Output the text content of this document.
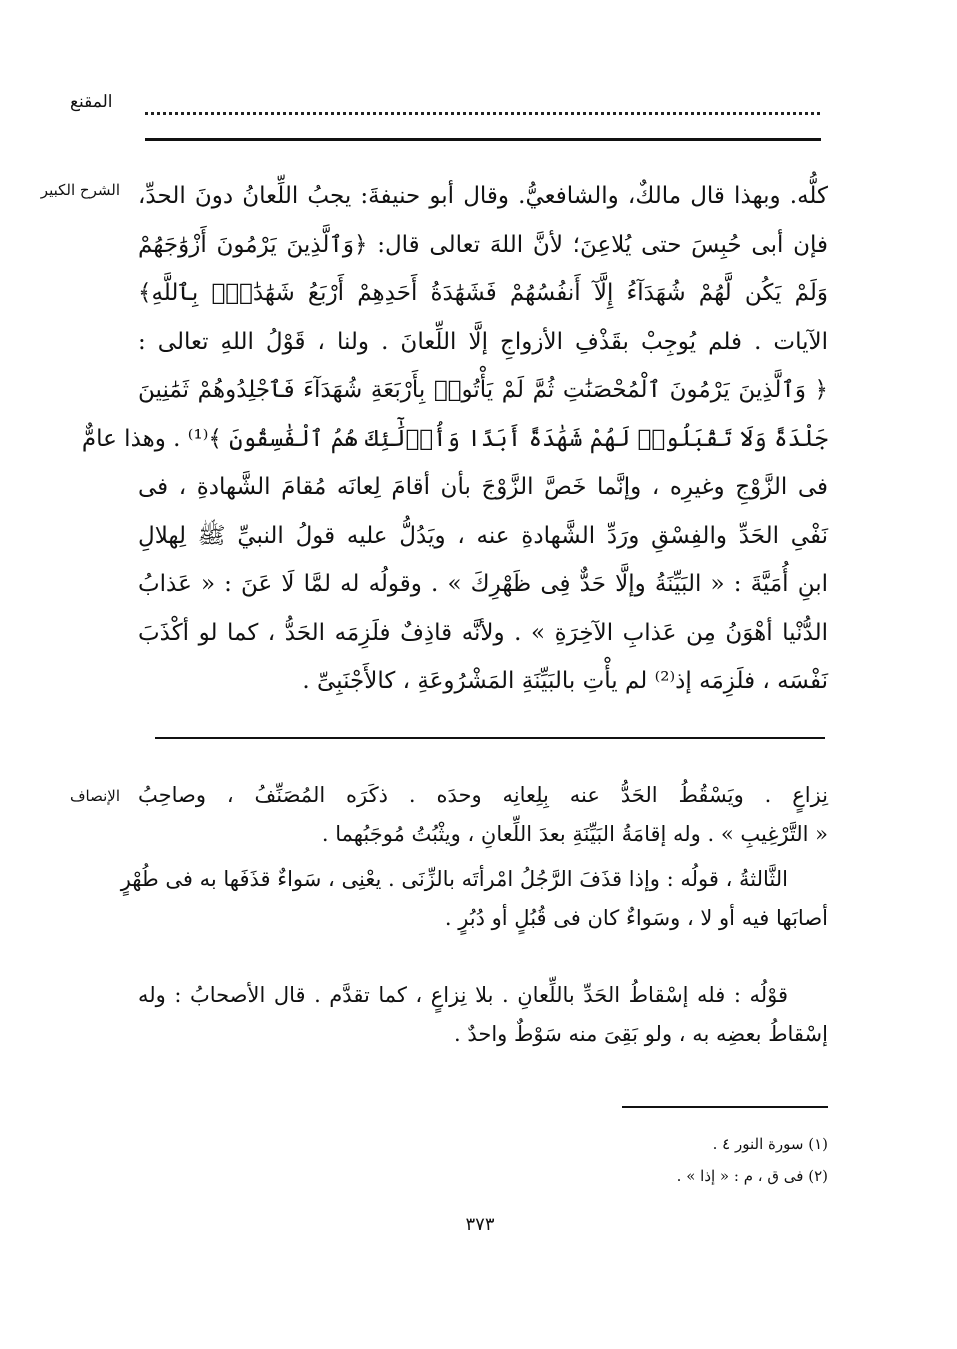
المقنع
الشرح الكبير كلُّه. وبهذا قال مالكٌ، والشافعيُّ. وقال أبو حنيفةَ: يجبُ اللِّعانُ دونَ الحدِّ،
فإن أبى حُبِسَ حتى يُلاعِنَ؛ لأنَّ اللهَ تعالى قال: ﴿وَٱلَّذِينَ يَرْمُونَ أَزْوَٰجَهُمْ
وَلَمْ يَكُن لَّهُمْ شُهَدَآءُ إِلَّآ أَنفُسُهُمْ فَشَهَٰدَةُ أَحَدِهِمْ أَرْبَعُ شَهَٰدَٰتٍۭ بِٱللَّهِ﴾
الآيات . فلم يُوجِبْ بقَذْفِ الأزواجِ إلَّا اللِّعانَ . ولنا ، قَوْلُ اللهِ تعالى :
﴿ وَٱلَّذِينَ يَرْمُونَ ٱلْمُحْصَنَٰتِ ثُمَّ لَمْ يَأْتُوا۟ بِأَرْبَعَةِ شُهَدَآءَ فَٱجْلِدُوهُمْ ثَمَٰنِينَ
جَلْدَةً وَلَا تَقْبَلُوا۟ لَهُمْ شَهَٰدَةً أَبَدًا وَأُو۟لَٰٓئِكَ هُمُ ٱلْفَٰسِقُونَ ﴾⁽¹⁾ . وهذا عامٌّ
فى الزَّوْجِ وغيرِه ، وإنَّما خَصَّ الزَّوْجَ بأن أقامَ لِعانَه مُقامَ الشَّهادةِ ، فى
نَفْىِ الحَدِّ والفِسْقِ ورَدِّ الشَّهادةِ عنه ، ويَدُلُّ عليه قولُ النبيِّ ﷺ لِهلالِ
ابنِ أُمَيَّةَ : « البَيِّنَةُ وإلَّا حَدٌّ فِى ظَهْرِكَ » . وقولُه له لمَّا لَا عَنَ : « عَذابُ
الدُّنْيا أهْوَنُ مِن عَذابِ الآخِرَةِ » . ولأنَّه قاذِفٌ فلَزِمَه الحَدُّ ، كما لو أكْذَبَ
نَفْسَه ، فلَزِمَه إذ⁽²⁾ لم يأْتِ بالبَيِّنَةِ المَشْرُوعَةِ ، كالأَجْنَبِىِّ .
الإنصاف نِزاعٍ . ويَسْقُطُ الحَدُّ عنه بِلِعانِه وحدَه . ذكَرَه المُصَنِّفُ ، وصاحِبُ
« التَّرْغِيبِ » . وله إقامَةُ البَيِّنَةِ بعدَ اللِّعانِ ، ويثْبُتُ مُوجَبُهما .
الثَّالثةُ ، قولُه : وإذا قذَفَ الرَّجُلُ امْرأتَه بالزِّنَى . يعْنِى ، سَواءٌ قذَفَها به فى طُهْرٍ
أصابَها فيه أو لا ، وسَواءٌ كان فى قُبُلٍ أو دُبُرٍ .
قوْلُه : فله إسْقاطُ الحَدِّ باللِّعانِ . بلا نِزاعٍ ، كما تقدَّم . قال الأصحابُ : وله
إسْقاطُ بعضِه به ، ولو بَقِىَ منه سَوْطٌ واحدٌ .
(١) سورة النور ٤ .
(٢) فى ق ، م : « إذا » .
٣٧٣
